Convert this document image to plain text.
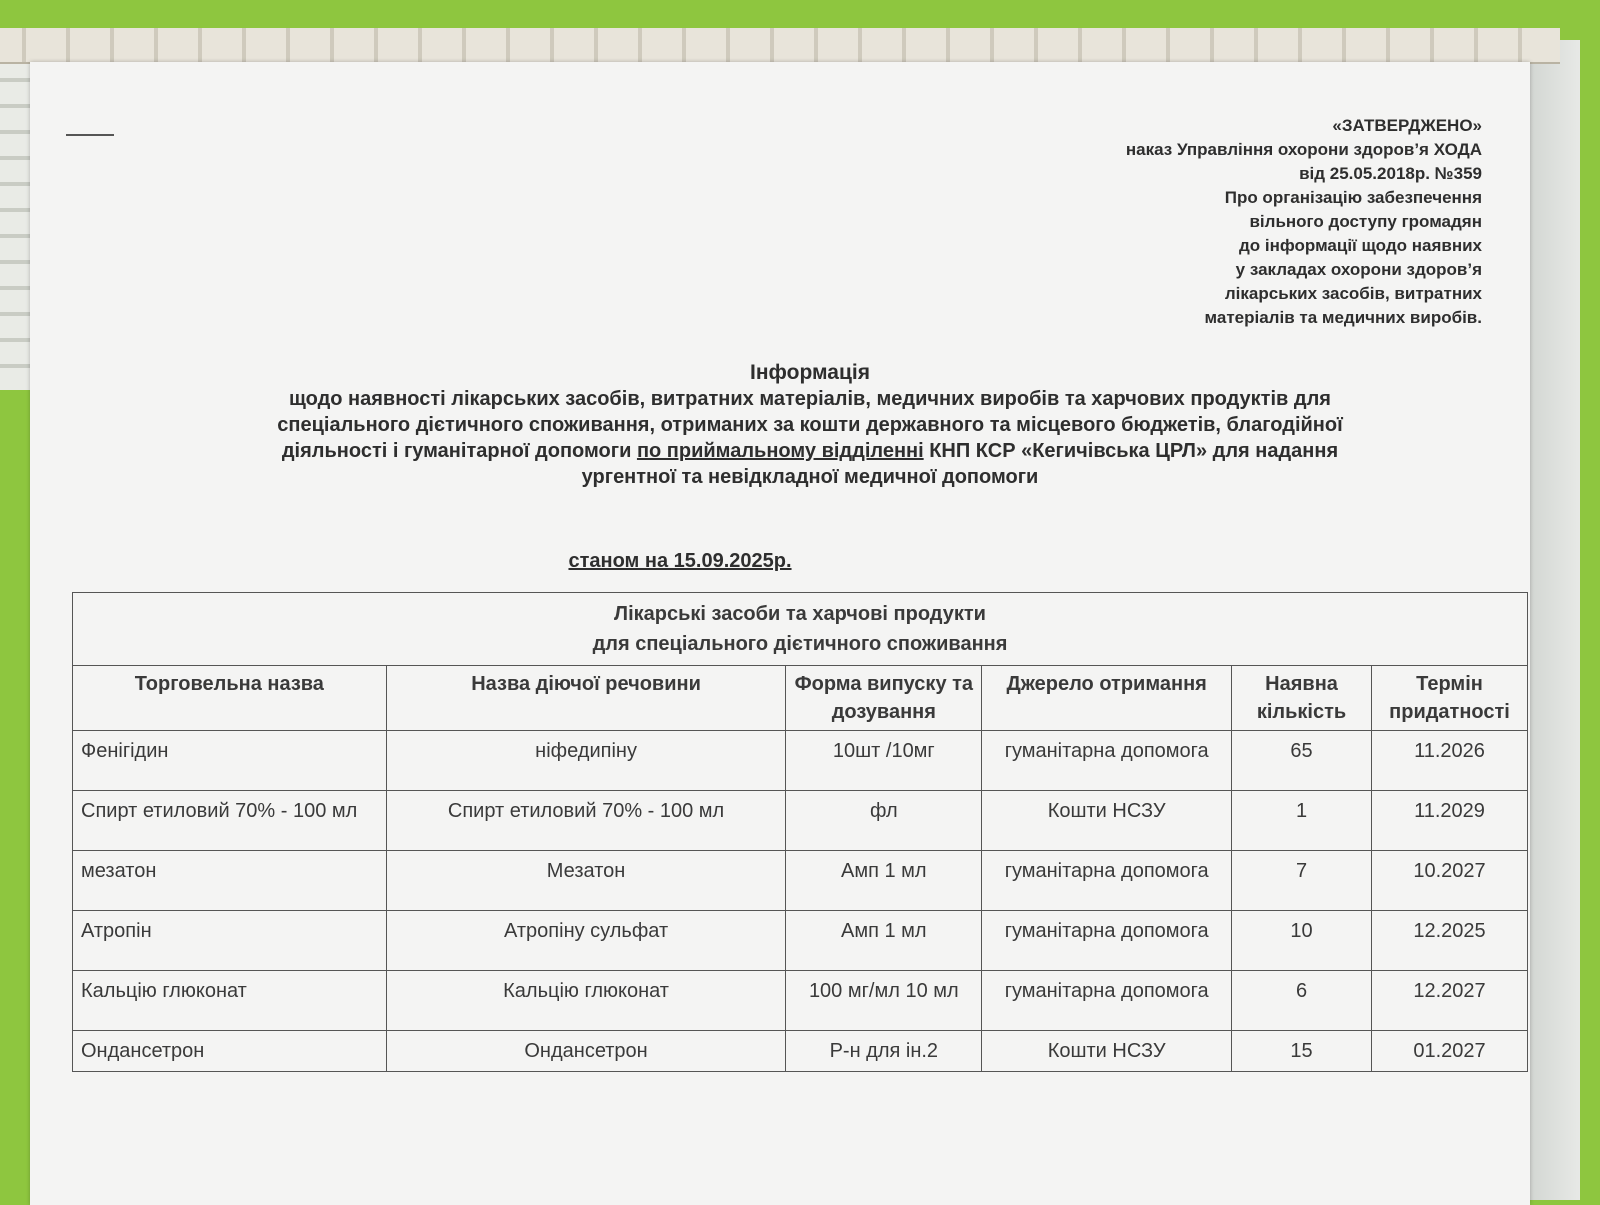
«ЗАТВЕРДЖЕНО»
наказ Управління охорони здоров’я ХОДА
від 25.05.2018р. №359
Про організацію забезпечення
вільного доступу громадян
до інформації щодо наявних
у закладах охорони здоров’я
лікарських засобів, витратних
матеріалів та медичних виробів.
Інформація
щодо наявності лікарських засобів, витратних матеріалів, медичних виробів та харчових продуктів для
спеціального дієтичного споживання, отриманих за кошти державного та місцевого бюджетів, благодійної
діяльності і гуманітарної допомоги по приймальному відділенні КНП КСР «Кегичівська ЦРЛ» для надання
ургентної та невідкладної медичної допомоги
станом на 15.09.2025р.
Лікарські засоби та харчові продукти
для спеціального дієтичного споживання					

Торговельна назва	Назва діючої речовини	Форма випуску та дозування	Джерело отримання	Наявна кількість	Термін придатності
Фенігідин	ніфедипіну	10шт /10мг	гуманітарна допомога	65	11.2026
Спирт етиловий 70% - 100 мл	Спирт етиловий 70% - 100 мл	фл	Кошти НСЗУ	1	11.2029
мезатон	Мезатон	Амп 1 мл	гуманітарна допомога	7	10.2027
Атропін	Атропіну сульфат	Амп 1 мл	гуманітарна допомога	10	12.2025
Кальцію глюконат	Кальцію глюконат	100 мг/мл 10 мл	гуманітарна допомога	6	12.2027
Ондансетрон	Ондансетрон	Р-н для ін.2	Кошти НСЗУ	15	01.2027
